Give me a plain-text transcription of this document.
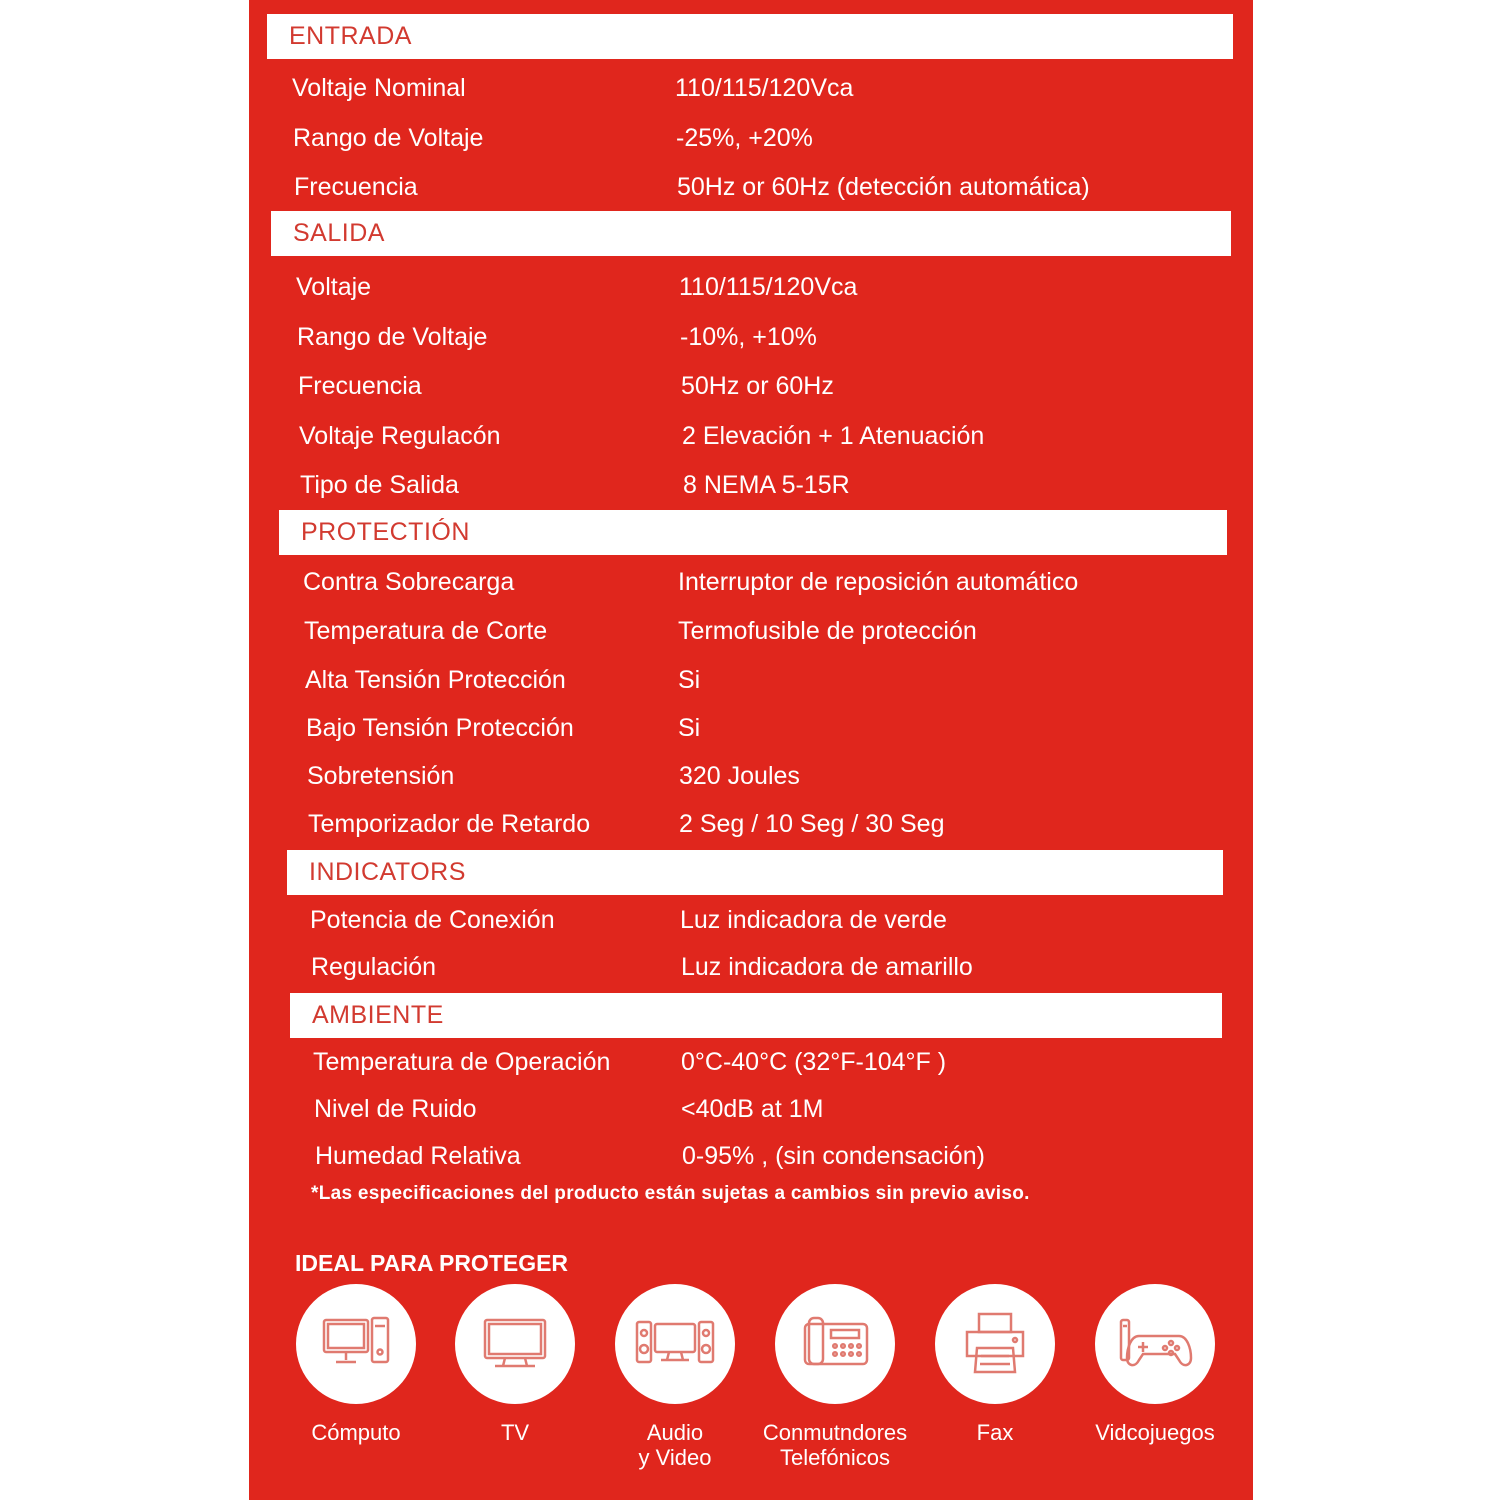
ENTRADA
Voltaje Nominal	110/115/120Vca
Rango de Voltaje	-25%, +20%
Frecuencia	50Hz or 60Hz (detección automática)
SALIDA
Voltaje	110/115/120Vca
Rango de Voltaje	-10%, +10%
Frecuencia	50Hz or 60Hz
Voltaje Regulacón	2 Elevación + 1 Atenuación
Tipo de Salida	8 NEMA 5-15R
PROTECTIÓN
Contra Sobrecarga	Interruptor de reposición automático
Temperatura de Corte	Termofusible de protección
Alta Tensión Protección	Si
Bajo Tensión Protección	Si
Sobretensión	320 Joules
Temporizador de Retardo	2 Seg / 10 Seg / 30 Seg
INDICATORS
Potencia de Conexión	Luz indicadora de verde
Regulación	Luz indicadora de amarillo
AMBIENTE
Temperatura de Operación	0°C-40°C (32°F-104°F )
Nivel de Ruido	<40dB at 1M
Humedad Relativa	0-95% , (sin condensación)
*Las especificaciones del producto están sujetas a cambios sin previo aviso.
IDEAL PARA PROTEGER
Cómputo	TV	Audio
y Video
Conmutndores
Telefónicos
Fax	Vidcojuegos
